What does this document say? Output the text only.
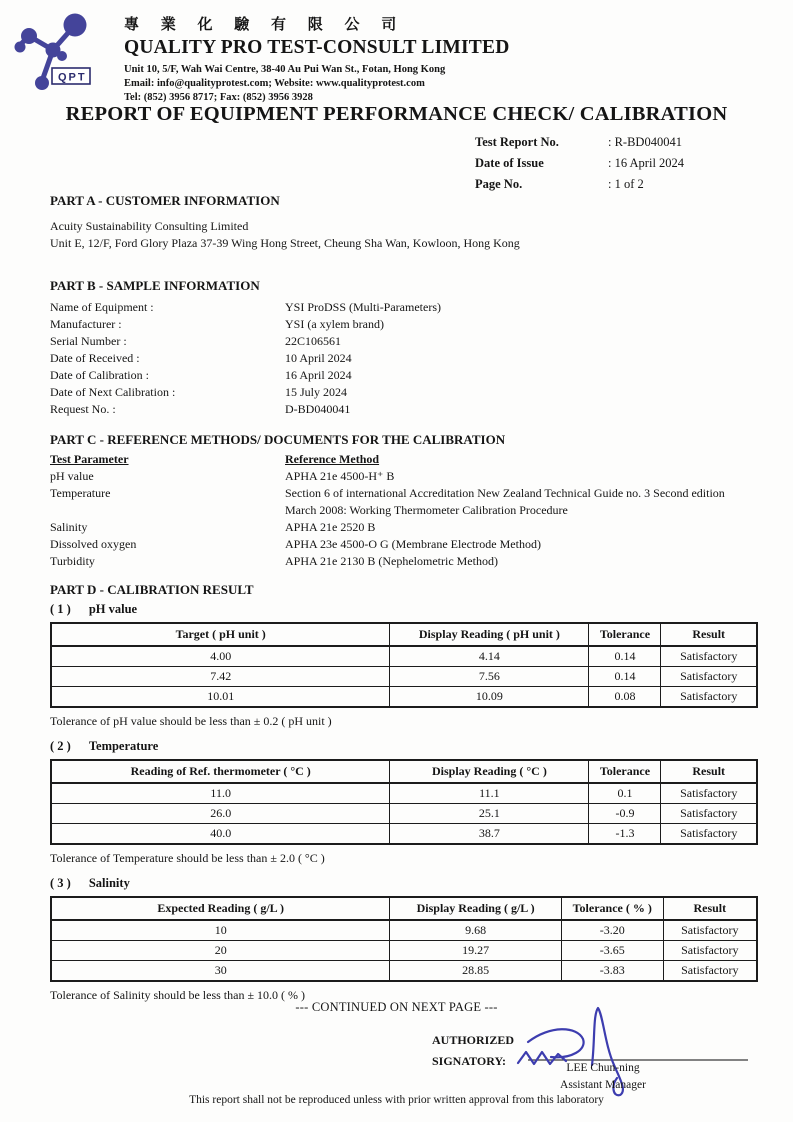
QPT
專 業 化 驗 有 限 公 司
QUALITY PRO TEST-CONSULT LIMITED
Unit 10, 5/F, Wah Wai Centre, 38-40 Au Pui Wan St., Fotan, Hong Kong
Email: info@qualityprotest.com; Website: www.qualityprotest.com
Tel: (852) 3956 8717; Fax: (852) 3956 3928
REPORT OF EQUIPMENT PERFORMANCE CHECK/ CALIBRATION
Test Report No.	: R-BD040041
Date of Issue	: 16 April 2024
Page No.	: 1 of 2
PART A - CUSTOMER INFORMATION
Acuity Sustainability Consulting Limited
Unit E, 12/F, Ford Glory Plaza 37-39 Wing Hong Street, Cheung Sha Wan, Kowloon, Hong Kong
PART B - SAMPLE INFORMATION
Name of Equipment :	YSI ProDSS (Multi-Parameters)
Manufacturer :	YSI (a xylem brand)
Serial Number :	22C106561
Date of Received :	10 April 2024
Date of Calibration :	16 April 2024
Date of Next Calibration :	15 July 2024
Request No. :	D-BD040041
PART C - REFERENCE METHODS/ DOCUMENTS FOR THE CALIBRATION
Test Parameter	Reference Method
pH value	APHA 21e 4500-H⁺ B
Temperature	Section 6 of international Accreditation New Zealand Technical Guide no. 3 Second edition March 2008: Working Thermometer Calibration Procedure
Salinity	APHA 21e 2520 B
Dissolved oxygen	APHA 23e 4500-O G (Membrane Electrode Method)
Turbidity	APHA 21e 2130 B (Nephelometric Method)
PART D - CALIBRATION RESULT
( 1 ) pH value
Target ( pH unit )	Display Reading ( pH unit )	Tolerance	Result
4.00	4.14	0.14	Satisfactory
7.42	7.56	0.14	Satisfactory
10.01	10.09	0.08	Satisfactory
Tolerance of pH value should be less than ± 0.2 ( pH unit )
( 2 ) Temperature
Reading of Ref. thermometer ( °C )	Display Reading ( °C )	Tolerance	Result
11.0	11.1	0.1	Satisfactory
26.0	25.1	-0.9	Satisfactory
40.0	38.7	-1.3	Satisfactory
Tolerance of Temperature should be less than ± 2.0 ( °C )
( 3 ) Salinity
Expected Reading ( g/L )	Display Reading ( g/L )	Tolerance ( % )	Result
10	9.68	-3.20	Satisfactory
20	19.27	-3.65	Satisfactory
30	28.85	-3.83	Satisfactory
Tolerance of Salinity should be less than ± 10.0 ( % )
--- CONTINUED ON NEXT PAGE ---
AUTHORIZED
SIGNATORY:	LEE Chun-ning
Assistant Manager
This report shall not be reproduced unless with prior written approval from this laboratory
